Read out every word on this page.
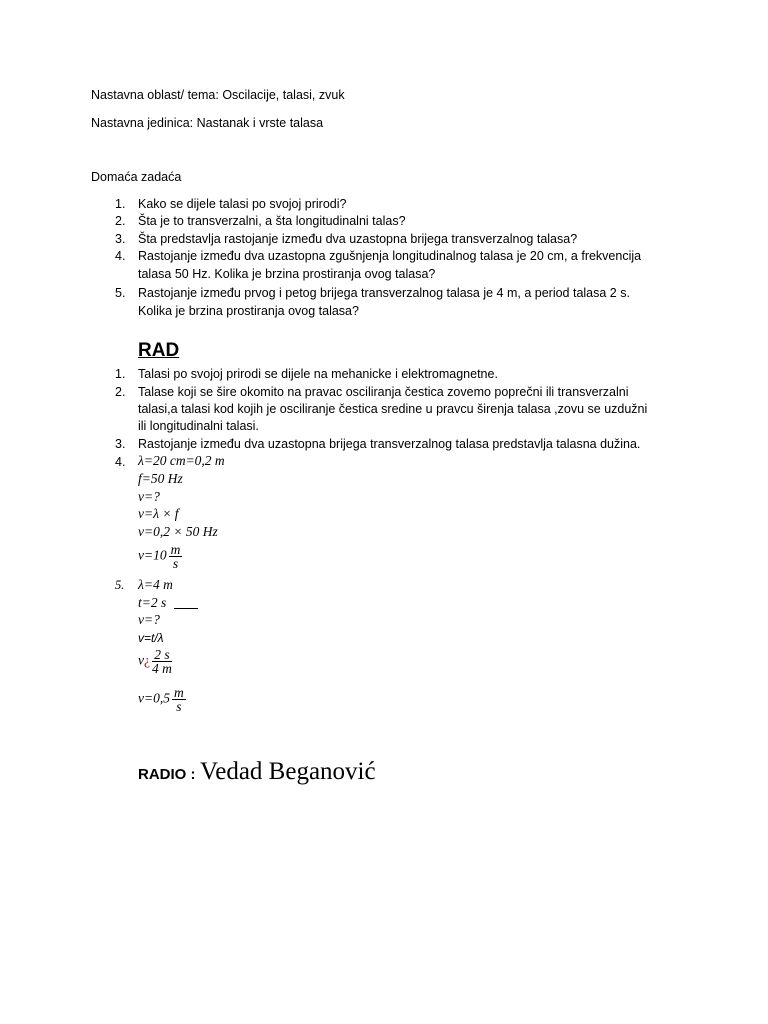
Nastavna oblast/ tema: Oscilacije, talasi, zvuk
Nastavna jedinica: Nastanak i vrste talasa
Domaća zadaća
1. Kako se dijele talasi po svojoj prirodi?
2. Šta je to transverzalni, a šta longitudinalni talas?
3. Šta predstavlja rastojanje između dva uzastopna brijega transverzalnog talasa?
4. Rastojanje između dva uzastopna zgušnjenja longitudinalnog talasa je 20 cm, a frekvencija
talasa 50 Hz. Kolika je brzina prostiranja ovog talasa?
5. Rastojanje između prvog i petog brijega transverzalnog talasa je 4 m, a period talasa 2 s.
Kolika je brzina prostiranja ovog talasa?
RAD
1. Talasi po svojoj prirodi se dijele na mehanicke i elektromagnetne.
2. Talase koji se šire okomito na pravac osciliranja čestica zovemo poprečni ili transverzalni
talasi,a talasi kod kojih je osciliranje čestica sredine u pravcu širenja talasa ,zovu se uzdužni
ili longitudinalni talasi.
3. Rastojanje između dva uzastopna brijega transverzalnog talasa predstavlja talasna dužina.
4. λ=20 cm=0,2 m
f=50 Hz
v=?
v=λ × f
v=0,2 × 50 Hz
$v=10 \frac{m}{s}$
5. λ=4 m
t=2 s
v=?
v=t/λ
v¿ $\frac{2 s}{4 m}$
$v=0,5 \frac{m}{s}$
RADIO : Vedad Beganović
